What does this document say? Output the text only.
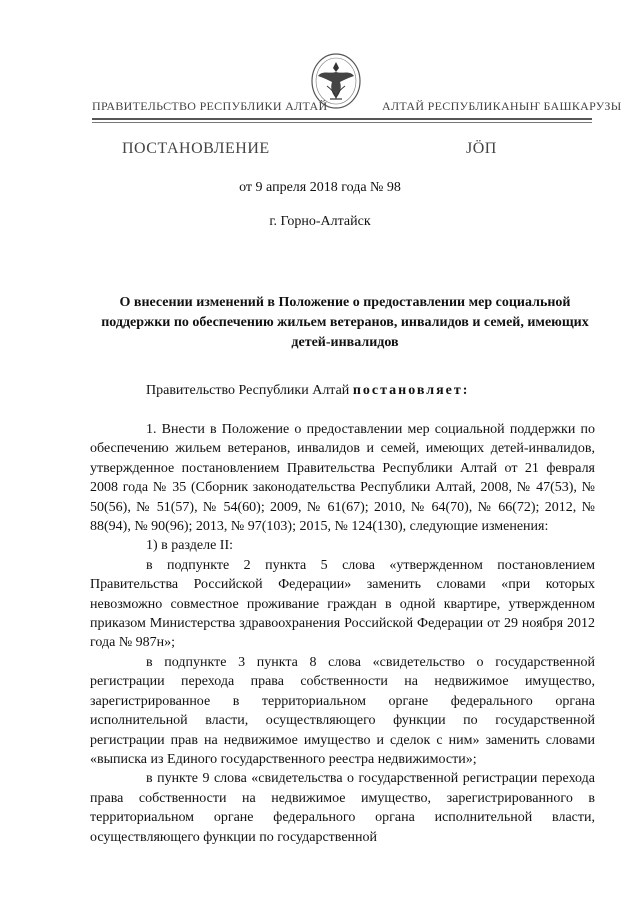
ПРАВИТЕЛЬСТВО РЕСПУБЛИКИ АЛТАЙ	АЛТАЙ РЕСПУБЛИКАНЫҤ БАШКАРУЗЫ
ПОСТАНОВЛЕНИЕ	ЈӦП
от 9 апреля 2018 года № 98
г. Горно-Алтайск
О внесении изменений в Положение о предоставлении мер социальной поддержки по обеспечению жильем ветеранов, инвалидов и семей, имеющих детей-инвалидов
Правительство Республики Алтай постановляет:

1. Внести в Положение о предоставлении мер социальной поддержки по обеспечению жильем ветеранов, инвалидов и семей, имеющих детей-инвалидов, утвержденное постановлением Правительства Республики Алтай от 21 февраля 2008 года № 35 (Сборник законодательства Республики Алтай, 2008, № 47(53), № 50(56), № 51(57), № 54(60); 2009, № 61(67); 2010, № 64(70), № 66(72); 2012, № 88(94), № 90(96); 2013, № 97(103); 2015, № 124(130), следующие изменения:

1) в разделе II:

в подпункте 2 пункта 5 слова «утвержденном постановлением Правительства Российской Федерации» заменить словами «при которых невозможно совместное проживание граждан в одной квартире, утвержденном приказом Министерства здравоохранения Российской Федерации от 29 ноября 2012 года № 987н»;

в подпункте 3 пункта 8 слова «свидетельство о государственной регистрации перехода права собственности на недвижимое имущество, зарегистрированное в территориальном органе федерального органа исполнительной власти, осуществляющего функции по государственной регистрации прав на недвижимое имущество и сделок с ним» заменить словами «выписка из Единого государственного реестра недвижимости»;

в пункте 9 слова «свидетельства о государственной регистрации перехода права собственности на недвижимое имущество, зарегистрированного в территориальном органе федерального органа исполнительной власти, осуществляющего функции по государственной
